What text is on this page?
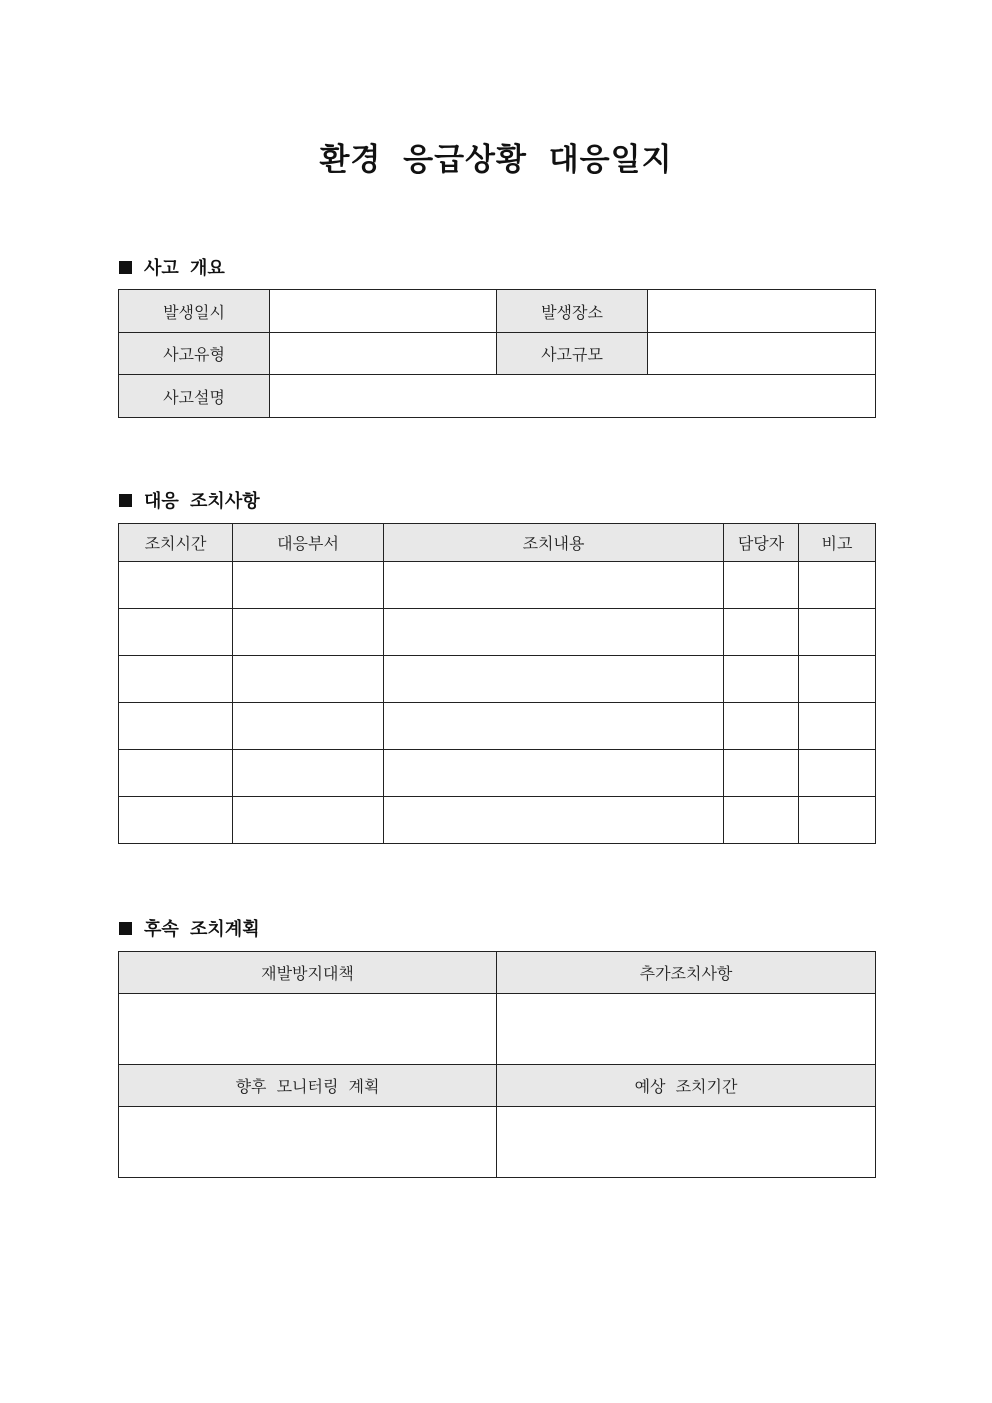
환경 응급상황 대응일지
사고 개요
발생일시		발생장소	
사고유형		사고규모	
사고설명			
대응 조치사항
조치시간	대응부서	조치내용	담당자	비고

후속 조치계획
재발방지대책	추가조치사항

향후 모니터링 계획	예상 조치기간
